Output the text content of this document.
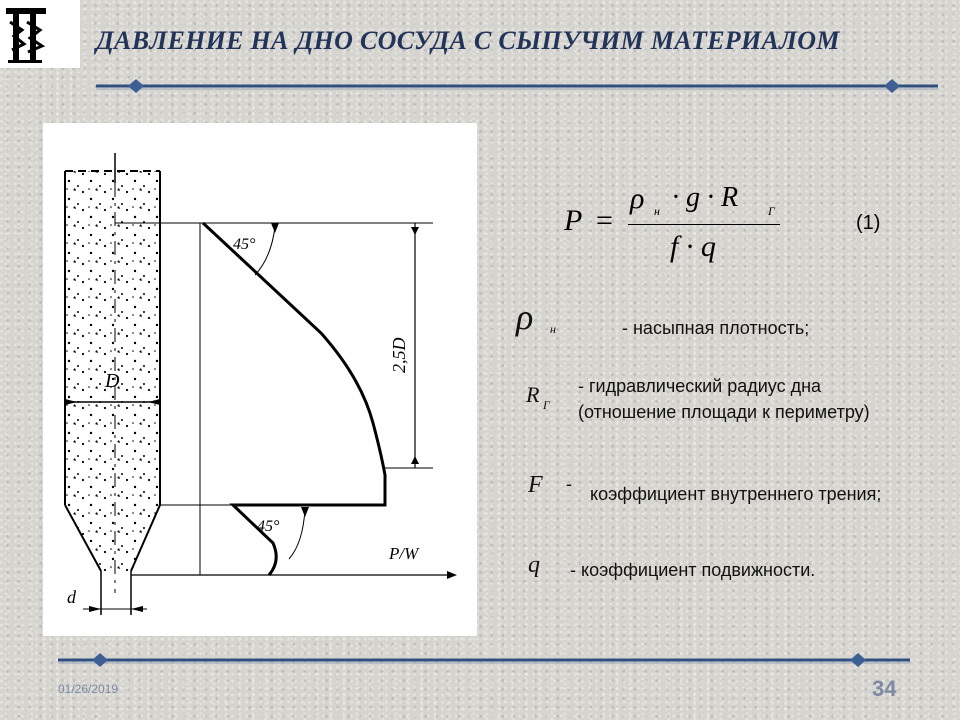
ДАВЛЕНИЕ НА ДНО СОСУДА С СЫПУЧИМ МАТЕРИАЛОМ
D
45°
45°
2,5D
P/W
d
P =
ρ н · g · R Г
f · q
(1)
ρ н	- насыпная плотность;
R Г
- гидравлический радиус дна
(отношение площади к периметру)
F - коэффициент внутреннего трения;
q - коэффициент подвижности.
01/26/2019	34
